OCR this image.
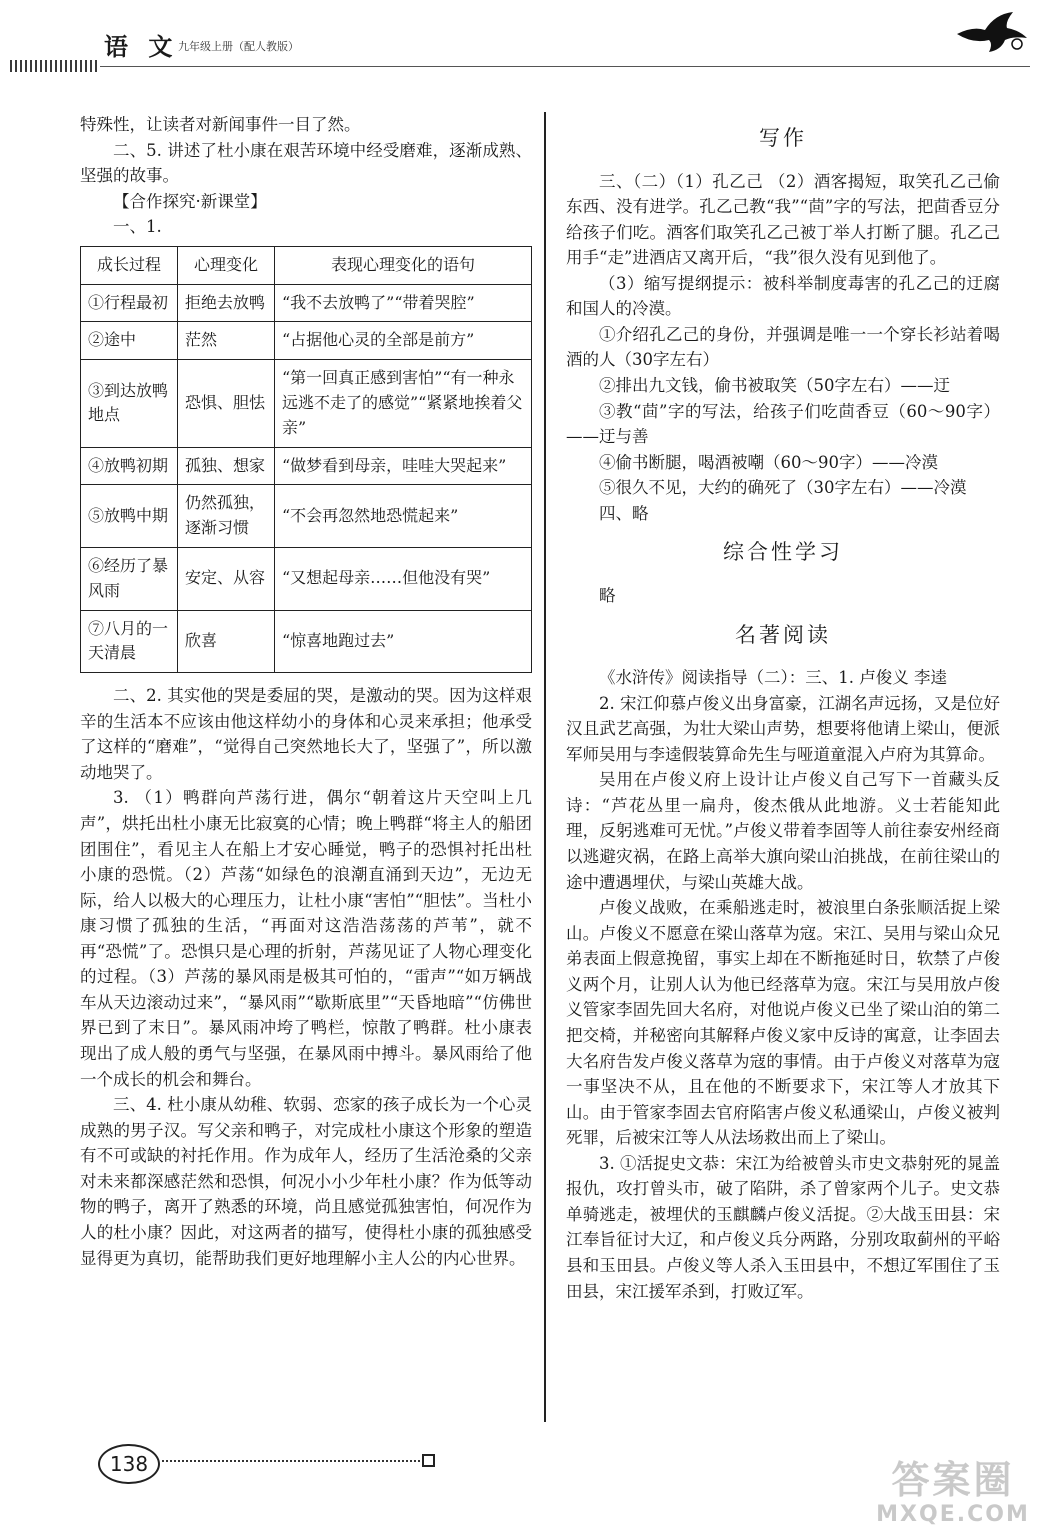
语 文 九年级上册（配人教版）

特殊性，让读者对新闻事件一目了然。

二、5. 讲述了杜小康在艰苦环境中经受磨难，逐渐成熟、坚强的故事。

【合作探究·新课堂】

一、1.

成长过程	心理变化	表现心理变化的语句
①行程最初	拒绝去放鸭	“我不去放鸭了”“带着哭腔”
②途中	茫然	“占据他心灵的全部是前方”
③到达放鸭地点	恐惧、胆怯	“第一回真正感到害怕”“有一种永远逃不走了的感觉”“紧紧地挨着父亲”
④放鸭初期	孤独、想家	“做梦看到母亲，哇哇大哭起来”
⑤放鸭中期	仍然孤独，逐渐习惯	“不会再忽然地恐慌起来”
⑥经历了暴风雨	安定、从容	“又想起母亲……但他没有哭”
⑦八月的一天清晨	欣喜	“惊喜地跑过去”

二、2. 其实他的哭是委屈的哭，是激动的哭。因为这样艰辛的生活本不应该由他这样幼小的身体和心灵来承担；他承受了这样的“磨难”，“觉得自己突然地长大了，坚强了”，所以激动地哭了。

3. （1）鸭群向芦荡行进，偶尔“朝着这片天空叫上几声”，烘托出杜小康无比寂寞的心情；晚上鸭群“将主人的船团团围住”，看见主人在船上才安心睡觉，鸭子的恐惧衬托出杜小康的恐慌。（2）芦荡“如绿色的浪潮直涌到天边”，无边无际，给人以极大的心理压力，让杜小康“害怕”“胆怯”。当杜小康习惯了孤独的生活，“再面对这浩浩荡荡的芦苇”，就不再“恐慌”了。恐惧只是心理的折射，芦荡见证了人物心理变化的过程。（3）芦荡的暴风雨是极其可怕的，“雷声”“如万辆战车从天边滚动过来”，“暴风雨”“歇斯底里”“天昏地暗”“仿佛世界已到了末日”。暴风雨冲垮了鸭栏，惊散了鸭群。杜小康表现出了成人般的勇气与坚强，在暴风雨中搏斗。暴风雨给了他一个成长的机会和舞台。

三、4. 杜小康从幼稚、软弱、恋家的孩子成长为一个心灵成熟的男子汉。写父亲和鸭子，对完成杜小康这个形象的塑造有不可或缺的衬托作用。作为成年人，经历了生活沧桑的父亲对未来都深感茫然和恐惧，何况小小少年杜小康？作为低等动物的鸭子，离开了熟悉的环境，尚且感觉孤独害怕，何况作为人的杜小康？因此，对这两者的描写，使得杜小康的孤独感受显得更为真切，能帮助我们更好地理解小主人公的内心世界。

写作

三、（二）（1）孔乙己 （2）酒客揭短，取笑孔乙己偷东西、没有进学。孔乙己教“我”“茴”字的写法，把茴香豆分给孩子们吃。酒客们取笑孔乙己被丁举人打断了腿。孔乙己用手“走”进酒店又离开后，“我”很久没有见到他了。

（3）缩写提纲提示：被科举制度毒害的孔乙己的迂腐和国人的冷漠。

①介绍孔乙己的身份，并强调是唯一一个穿长衫站着喝酒的人（30字左右）

②排出九文钱，偷书被取笑（50字左右）——迂

③教“茴”字的写法，给孩子们吃茴香豆（60～90字）——迂与善

④偷书断腿，喝酒被嘲（60～90字）——冷漠

⑤很久不见，大约的确死了（30字左右）——冷漠

四、略

综合性学习

略

名著阅读

《水浒传》阅读指导（二）：三、1. 卢俊义 李逵

2. 宋江仰慕卢俊义出身富豪，江湖名声远扬，又是位好汉且武艺高强，为壮大梁山声势，想要将他请上梁山，便派军师吴用与李逵假装算命先生与哑道童混入卢府为其算命。

吴用在卢俊义府上设计让卢俊义自己写下一首藏头反诗：“芦花丛里一扁舟，俊杰俄从此地游。义士若能知此理，反躬逃难可无忧。”卢俊义带着李固等人前往泰安州经商以逃避灾祸，在路上高举大旗向梁山泊挑战，在前往梁山的途中遭遇埋伏，与梁山英雄大战。

卢俊义战败，在乘船逃走时，被浪里白条张顺活捉上梁山。卢俊义不愿意在梁山落草为寇。宋江、吴用与梁山众兄弟表面上假意挽留，事实上却在不断拖延时日，软禁了卢俊义两个月，让别人认为他已经落草为寇。宋江与吴用放卢俊义管家李固先回大名府，对他说卢俊义已坐了梁山泊的第二把交椅，并秘密向其解释卢俊义家中反诗的寓意，让李固去大名府告发卢俊义落草为寇的事情。由于卢俊义对落草为寇一事坚决不从，且在他的不断要求下，宋江等人才放其下山。由于管家李固去官府陷害卢俊义私通梁山，卢俊义被判死罪，后被宋江等人从法场救出而上了梁山。

3. ①活捉史文恭：宋江为给被曾头市史文恭射死的晁盖报仇，攻打曾头市，破了陷阱，杀了曾家两个儿子。史文恭单骑逃走，被埋伏的玉麒麟卢俊义活捉。②大战玉田县：宋江奉旨征讨大辽，和卢俊义兵分两路，分别攻取蓟州的平峪县和玉田县。卢俊义等人杀入玉田县中，不想辽军围住了玉田县，宋江援军杀到，打败辽军。

138	答案圈
MXQE.COM
